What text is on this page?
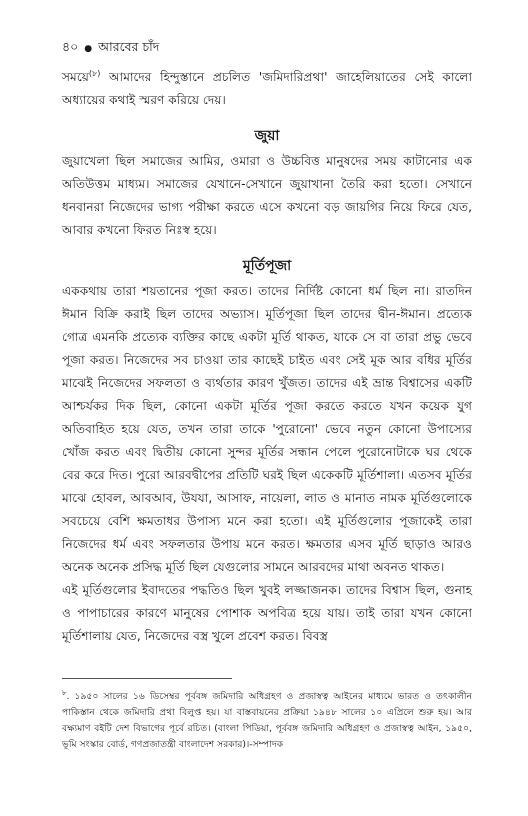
৪০ ● আরবের চাঁদ

সময়ে$^{(৮)}$ আমাদের হিন্দুস্তানে প্রচলিত 'জমিদারিপ্রথা' জাহেলিয়াতের সেই কালো অধ্যায়ের কথাই স্মরণ করিয়ে দেয়।

জুয়া

জুয়াখেলা ছিল সমাজের আমির, ওমারা ও উচ্চবিত্ত মানুষদের সময় কাটানোর এক অতিউত্তম মাধ্যম। সমাজের যেখানে-সেখানে জুয়াখানা তৈরি করা হতো। সেখানে ধনবানরা নিজেদের ভাগ্য পরীক্ষা করতে এসে কখনো বড় জায়গির নিয়ে ফিরে যেত, আবার কখনো ফিরত নিঃস্ব হয়ে।

মূর্তিপূজা

এককথায় তারা শয়তানের পূজা করত। তাদের নির্দিষ্ট কোনো ধর্ম ছিল না। রাতদিন ঈমান বিক্রি করাই ছিল তাদের অভ্যাস। মূর্তিপূজা ছিল তাদের দ্বীন-ঈমান। প্রত্যেক গোত্র এমনকি প্রত্যেক ব্যক্তির কাছে একটা মূর্তি থাকত, যাকে সে বা তারা প্রভু ভেবে পূজা করত। নিজেদের সব চাওয়া তার কাছেই চাইত এবং সেই মূক আর বধির মূর্তির মাঝেই নিজেদের সফলতা ও ব্যর্থতার কারণ খুঁজত। তাদের এই ভ্রান্ত বিশ্বাসের একটি আশ্চর্যকর দিক ছিল, কোনো একটা মূর্তির পূজা করতে করতে যখন কয়েক যুগ অতিবাহিত হয়ে যেত, তখন তারা তাকে 'পুরোনো' ভেবে নতুন কোনো উপাস্যের খোঁজ করত এবং দ্বিতীয় কোনো সুন্দর মূর্তির সন্ধান পেলে পুরোনোটাকে ঘর থেকে বের করে দিত। পুরো আরবদ্বীপের প্রতিটি ঘরই ছিল একেকটি মূর্তিশালা। এতসব মূর্তির মাঝে হোবল, আবআব, উযযা, আসাফ, নায়েলা, লাত ও মানাত নামক মূর্তিগুলোকে সবচেয়ে বেশি ক্ষমতাধর উপাস্য মনে করা হতো। এই মূর্তিগুলোর পূজাকেই তারা নিজেদের ধর্ম এবং সফলতার উপায় মনে করত। ক্ষমতার এসব মূর্তি ছাড়াও আরও অনেক অনেক প্রসিদ্ধ মূর্তি ছিল যেগুলোর সামনে আরবদের মাথা অবনত থাকত।

এই মূর্তিগুলোর ইবাদতের পদ্ধতিও ছিল খুবই লজ্জাজনক। তাদের বিশ্বাস ছিল, গুনাহ ও পাপাচারের কারণে মানুষের পোশাক অপবিত্র হয়ে যায়। তাই তারা যখন কোনো মূর্তিশালায় যেত, নিজেদের বস্ত্র খুলে প্রবেশ করত। বিবস্ত্র

$^৮$. ১৯৫০ সালের ১৬ ডিসেম্বর পূর্ববঙ্গ জমিদারি অধিগ্রহণ ও প্রজাস্বত্ব আইনের মাধ্যমে ভারত ও তৎকালীন পাকিস্তান থেকে জমিদারি প্রথা বিলুপ্ত হয়। যা বাস্তবায়নের প্রক্রিয়া ১৯৪৮ সালের ১০ এপ্রিলে শুরু হয়। আর বক্ষ্যমাণ বইটি দেশ বিভাগের পূর্বে রচিত। (বাংলা পিডিয়া, পূর্ববঙ্গ জমিদারি অধিগ্রহণ ও প্রজাস্বত্ব আইন, ১৯৫০, ভূমি সংস্কার বোর্ড, গণপ্রজাতন্ত্রী বাংলাদেশ সরকার)।-সম্পাদক
